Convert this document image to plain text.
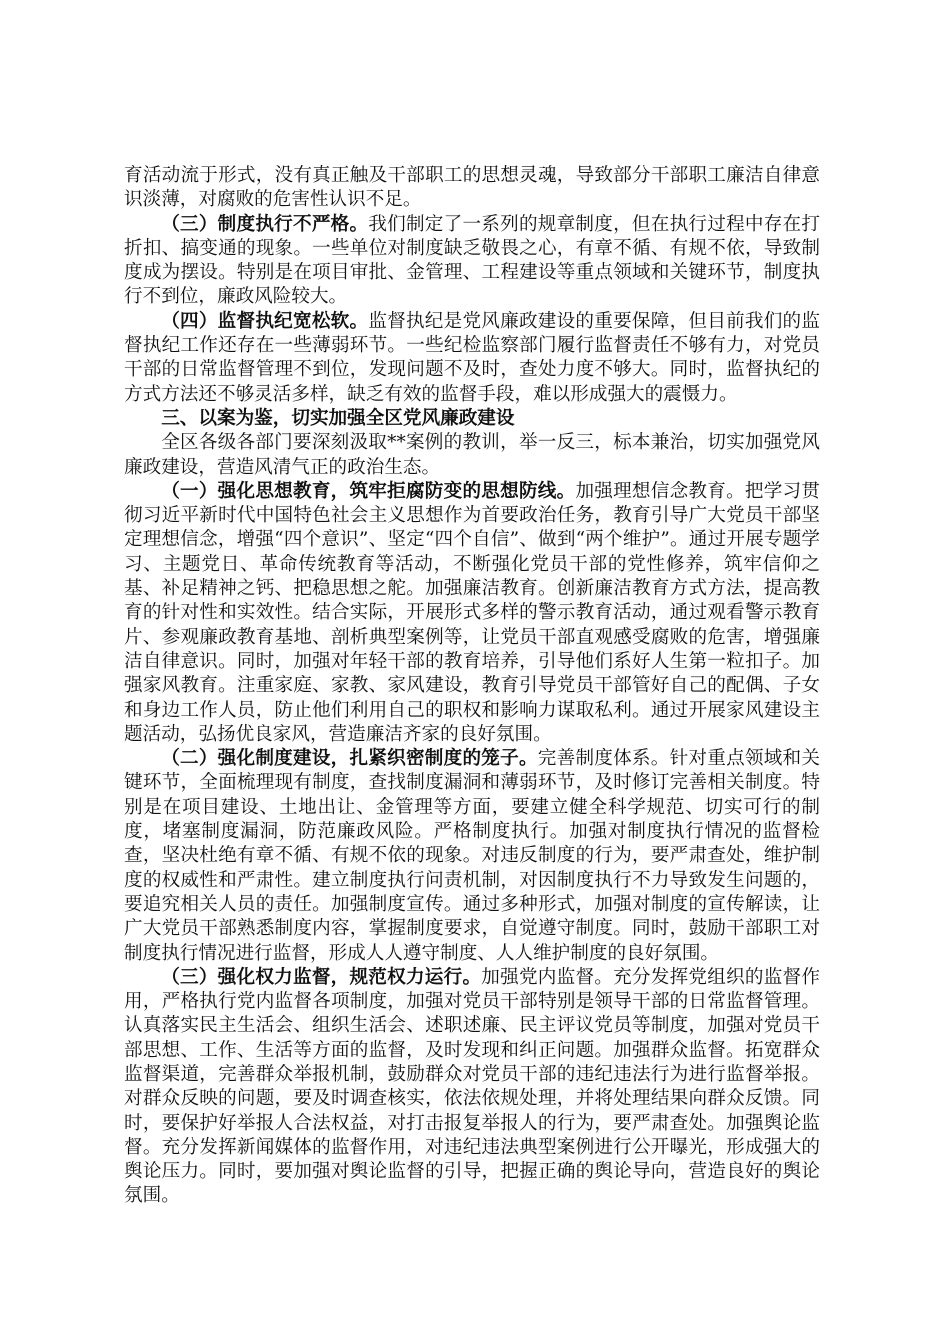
育活动流于形式，没有真正触及干部职工的思想灵魂，导致部分干部职工廉洁自律意识淡薄，对腐败的危害性认识不足。

（三）制度执行不严格。我们制定了一系列的规章制度，但在执行过程中存在打折扣、搞变通的现象。一些单位对制度缺乏敬畏之心，有章不循、有规不依，导致制度成为摆设。特别是在项目审批、金管理、工程建设等重点领域和关键环节，制度执行不到位，廉政风险较大。

（四）监督执纪宽松软。监督执纪是党风廉政建设的重要保障，但目前我们的监督执纪工作还存在一些薄弱环节。一些纪检监察部门履行监督责任不够有力，对党员干部的日常监督管理不到位，发现问题不及时，查处力度不够大。同时，监督执纪的方式方法还不够灵活多样，缺乏有效的监督手段，难以形成强大的震慑力。

三、以案为鉴，切实加强全区党风廉政建设

全区各级各部门要深刻汲取**案例的教训，举一反三，标本兼治，切实加强党风廉政建设，营造风清气正的政治生态。

（一）强化思想教育，筑牢拒腐防变的思想防线。加强理想信念教育。把学习贯彻习近平新时代中国特色社会主义思想作为首要政治任务，教育引导广大党员干部坚定理想信念，增强“四个意识”、坚定“四个自信”、做到“两个维护”。通过开展专题学习、主题党日、革命传统教育等活动，不断强化党员干部的党性修养，筑牢信仰之基、补足精神之钙、把稳思想之舵。加强廉洁教育。创新廉洁教育方式方法，提高教育的针对性和实效性。结合实际，开展形式多样的警示教育活动，通过观看警示教育片、参观廉政教育基地、剖析典型案例等，让党员干部直观感受腐败的危害，增强廉洁自律意识。同时，加强对年轻干部的教育培养，引导他们系好人生第一粒扣子。加强家风教育。注重家庭、家教、家风建设，教育引导党员干部管好自己的配偶、子女和身边工作人员，防止他们利用自己的职权和影响力谋取私利。通过开展家风建设主题活动，弘扬优良家风，营造廉洁齐家的良好氛围。

（二）强化制度建设，扎紧织密制度的笼子。完善制度体系。针对重点领域和关键环节，全面梳理现有制度，查找制度漏洞和薄弱环节，及时修订完善相关制度。特别是在项目建设、土地出让、金管理等方面，要建立健全科学规范、切实可行的制度，堵塞制度漏洞，防范廉政风险。严格制度执行。加强对制度执行情况的监督检查，坚决杜绝有章不循、有规不依的现象。对违反制度的行为，要严肃查处，维护制度的权威性和严肃性。建立制度执行问责机制，对因制度执行不力导致发生问题的，要追究相关人员的责任。加强制度宣传。通过多种形式，加强对制度的宣传解读，让广大党员干部熟悉制度内容，掌握制度要求，自觉遵守制度。同时，鼓励干部职工对制度执行情况进行监督，形成人人遵守制度、人人维护制度的良好氛围。

（三）强化权力监督，规范权力运行。加强党内监督。充分发挥党组织的监督作用，严格执行党内监督各项制度，加强对党员干部特别是领导干部的日常监督管理。认真落实民主生活会、组织生活会、述职述廉、民主评议党员等制度，加强对党员干部思想、工作、生活等方面的监督，及时发现和纠正问题。加强群众监督。拓宽群众监督渠道，完善群众举报机制，鼓励群众对党员干部的违纪违法行为进行监督举报。对群众反映的问题，要及时调查核实，依法依规处理，并将处理结果向群众反馈。同时，要保护好举报人合法权益，对打击报复举报人的行为，要严肃查处。加强舆论监督。充分发挥新闻媒体的监督作用，对违纪违法典型案例进行公开曝光，形成强大的舆论压力。同时，要加强对舆论监督的引导，把握正确的舆论导向，营造良好的舆论氛围。
